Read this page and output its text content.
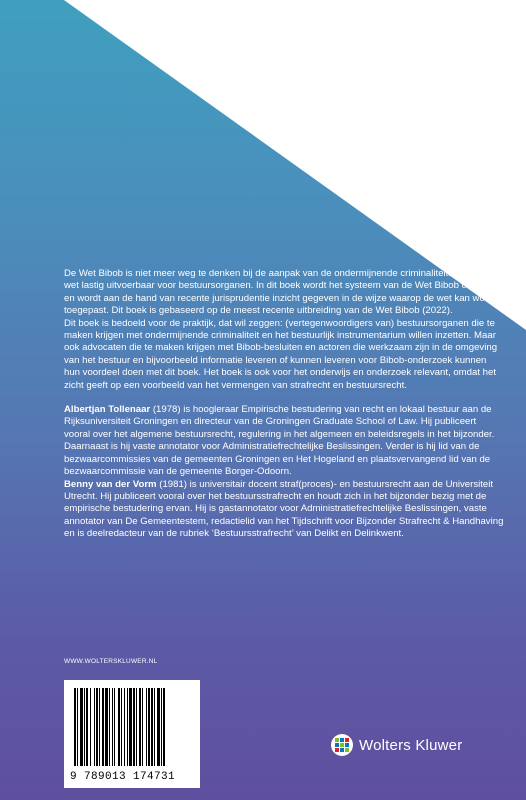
De Wet Bibob is niet meer weg te denken bij de aanpak van de ondermijnende criminaliteit. Toch is de wet lastig uitvoerbaar voor bestuursorganen. In dit boek wordt het systeem van de Wet Bibob ontleed en wordt aan de hand van recente jurisprudentie inzicht gegeven in de wijze waarop de wet kan worden toegepast. Dit boek is gebaseerd op de meest recente uitbreiding van de Wet Bibob (2022).

Dit boek is bedoeld voor de praktijk, dat wil zeggen: (vertegenwoordigers van) bestuursorganen die te maken krijgen met ondermijnende criminaliteit en het bestuurlijk instrumentarium willen inzetten. Maar ook advocaten die te maken krijgen met Bibob-besluiten en actoren die werkzaam zijn in de omgeving van het bestuur en bijvoorbeeld informatie leveren of kunnen leveren voor Bibob-onderzoek kunnen hun voordeel doen met dit boek. Het boek is ook voor het onderwijs en onderzoek relevant, omdat het zicht geeft op een voorbeeld van het vermengen van strafrecht en bestuursrecht.

Albertjan Tollenaar (1978) is hoogleraar Empirische bestudering van recht en lokaal bestuur aan de Rijksuniversiteit Groningen en directeur van de Groningen Graduate School of Law. Hij publiceert vooral over het algemene bestuursrecht, regulering in het algemeen en beleidsregels in het bijzonder. Daarnaast is hij vaste annotator voor Administratiefrechtelijke Beslissingen. Verder is hij lid van de bezwaarcommissies van de gemeenten Groningen en Het Hogeland en plaatsvervangend lid van de bezwaarcommissie van de gemeente Borger-Odoorn.

Benny van der Vorm (1981) is universitair docent straf(proces)- en bestuursrecht aan de Universiteit Utrecht. Hij publiceert vooral over het bestuursstrafrecht en houdt zich in het bijzonder bezig met de empirische bestudering ervan. Hij is gastannotator voor Administratiefrechtelijke Beslissingen, vaste annotator van De Gemeentestem, redactielid van het Tijdschrift voor Bijzonder Strafrecht & Handhaving en is deelredacteur van de rubriek ‘Bestuursstrafrecht’ van Delikt en Delinkwent.

WWW.WOLTERSKLUWER.NL
9 789013 174731
Wolters Kluwer
